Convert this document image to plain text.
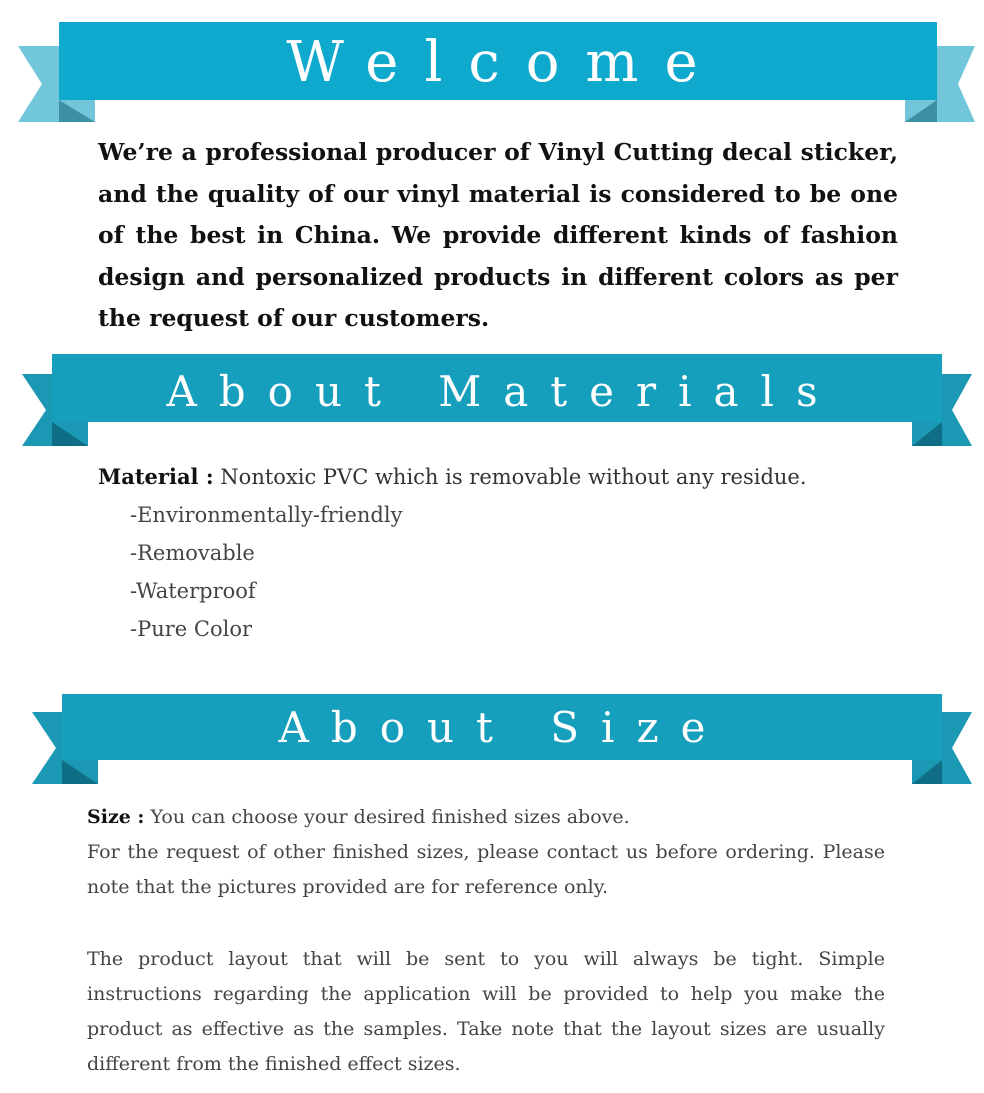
Welcome

We’re a professional producer of Vinyl Cutting decal sticker, and the quality of our vinyl material is considered to be one of the best in China. We provide different kinds of fashion design and personalized products in different colors as per the request of our customers.

About Materials
Material : Nontoxic PVC which is removable without any residue.
-Environmentally-friendly
-Removable
-Waterproof
-Pure Color
About Size

Size : You can choose your desired finished sizes above.

For the request of other finished sizes, please contact us before ordering. Please note that the pictures provided are for reference only.

The product layout that will be sent to you will always be tight. Simple instructions regarding the application will be provided to help you make the product as effective as the samples. Take note that the layout sizes are usually different from the finished effect sizes.
